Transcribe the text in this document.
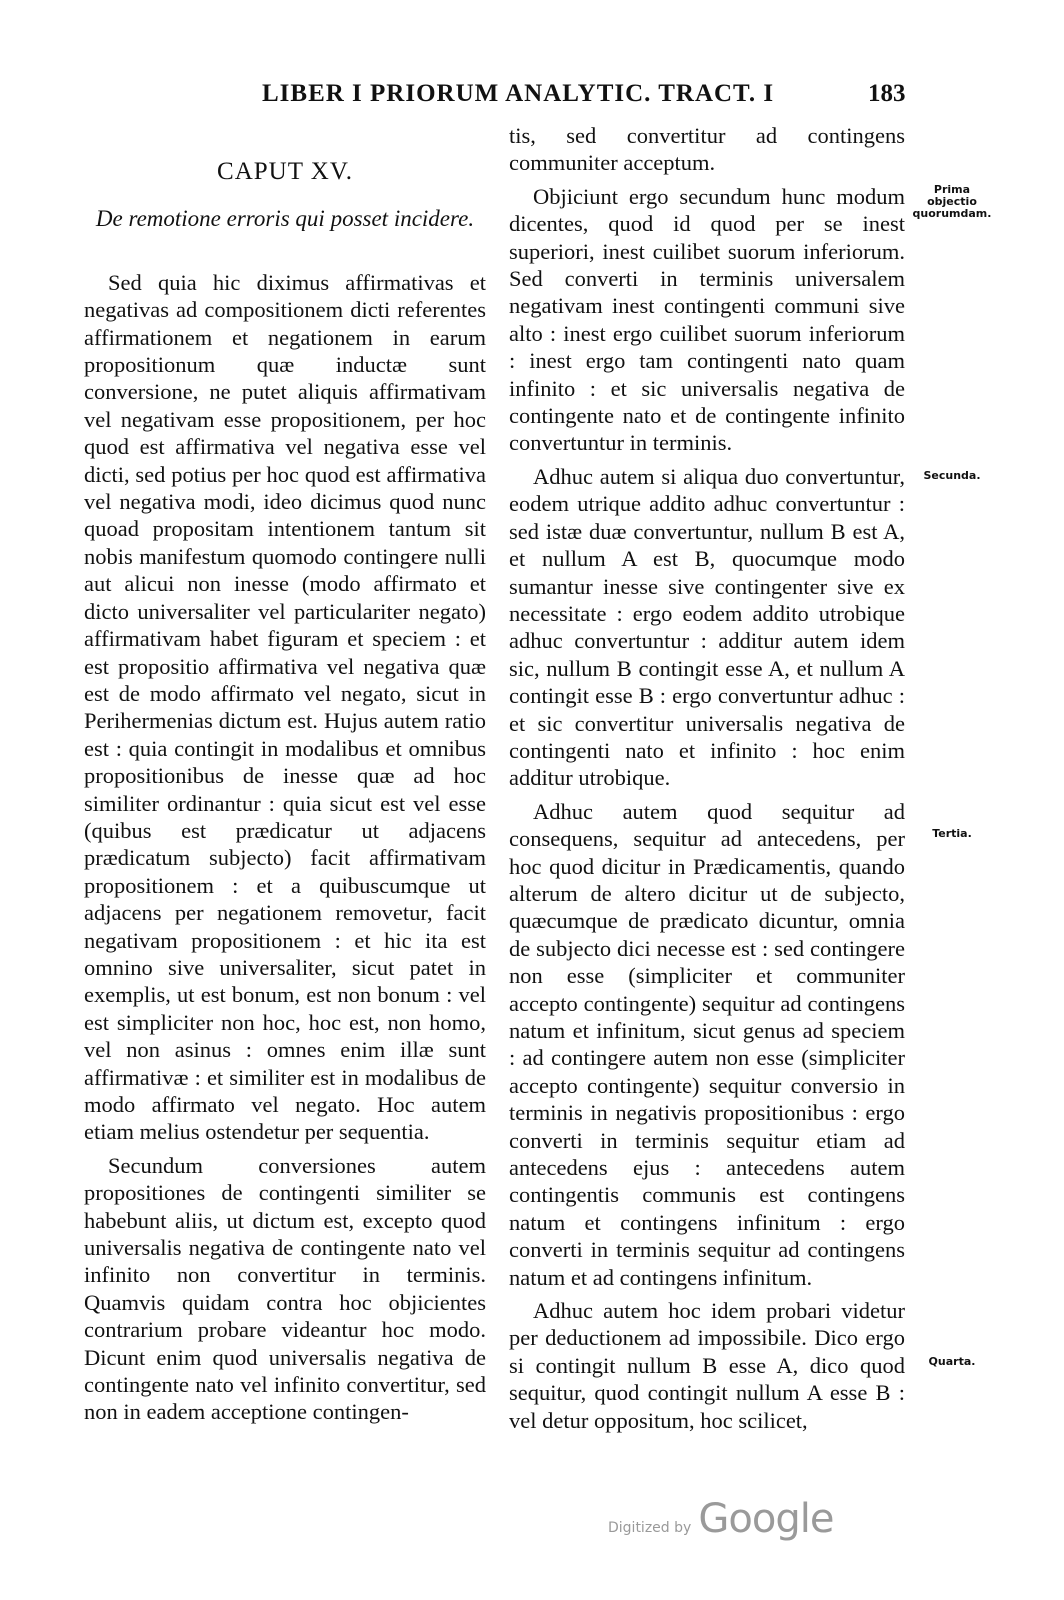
LIBER I PRIORUM ANALYTIC. TRACT. I	183
CAPUT XV.
De remotione erroris qui posset incidere.

Sed quia hic diximus affirmativas et negativas ad compositionem dicti referentes affirmationem et negationem in earum propositionum quæ inductæ sunt conversione, ne putet aliquis affirmativam vel negativam esse propositionem, per hoc quod est affirmativa vel negativa esse vel dicti, sed potius per hoc quod est affirmativa vel negativa modi, ideo dicimus quod nunc quoad propositam intentionem tantum sit nobis manifestum quomodo contingere nulli aut alicui non inesse (modo affirmato et dicto universaliter vel particulariter negato) affirmativam habet figuram et speciem : et est propositio affirmativa vel negativa quæ est de modo affirmato vel negato, sicut in Perihermenias dictum est. Hujus autem ratio est : quia contingit in modalibus et omnibus propositionibus de inesse quæ ad hoc similiter ordinantur : quia sicut est vel esse (quibus est prædicatur ut adjacens prædicatum subjecto) facit affirmativam propositionem : et a quibuscumque ut adjacens per negationem removetur, facit negativam propositionem : et hic ita est omnino sive universaliter, sicut patet in exemplis, ut est bonum, est non bonum : vel est simpliciter non hoc, hoc est, non homo, vel non asinus : omnes enim illæ sunt affirmativæ : et similiter est in modalibus de modo affirmato vel negato. Hoc autem etiam melius ostendetur per sequentia.

Secundum conversiones autem propositiones de contingenti similiter se habebunt aliis, ut dictum est, excepto quod universalis negativa de contingente nato vel infinito non convertitur in terminis. Quamvis quidam contra hoc objicientes contrarium probare videantur hoc modo. Dicunt enim quod universalis negativa de contingente nato vel infinito convertitur, sed non in eadem acceptione contingen-

tis, sed convertitur ad contingens communiter acceptum.

Objiciunt ergo secundum hunc modum dicentes, quod id quod per se inest superiori, inest cuilibet suorum inferiorum. Sed converti in terminis universalem negativam inest contingenti communi sive alto : inest ergo cuilibet suorum inferiorum : inest ergo tam contingenti nato quam infinito : et sic universalis negativa de contingente nato et de contingente infinito convertuntur in terminis.

Adhuc autem si aliqua duo convertuntur, eodem utrique addito adhuc convertuntur : sed istæ duæ convertuntur, nullum B est A, et nullum A est B, quocumque modo sumantur inesse sive contingenter sive ex necessitate : ergo eodem addito utrobique adhuc convertuntur : additur autem idem sic, nullum B contingit esse A, et nullum A contingit esse B : ergo convertuntur adhuc : et sic convertitur universalis negativa de contingenti nato et infinito : hoc enim additur utrobique.

Adhuc autem quod sequitur ad consequens, sequitur ad antecedens, per hoc quod dicitur in Prædicamentis, quando alterum de altero dicitur ut de subjecto, quæcumque de prædicato dicuntur, omnia de subjecto dici necesse est : sed contingere non esse (simpliciter et communiter accepto contingente) sequitur ad contingens natum et infinitum, sicut genus ad speciem : ad contingere autem non esse (simpliciter accepto contingente) sequitur conversio in terminis in negativis propositionibus : ergo converti in terminis sequitur etiam ad antecedens ejus : antecedens autem contingentis communis est contingens natum et contingens infinitum : ergo converti in terminis sequitur ad contingens natum et ad contingens infinitum.

Adhuc autem hoc idem probari videtur per deductionem ad impossibile. Dico ergo si contingit nullum B esse A, dico quod sequitur, quod contingit nullum A esse B : vel detur oppositum, hoc scilicet,

Prima objectio quorumdam.
Secunda.
Tertia.
Quarta.
Digitized by Google
